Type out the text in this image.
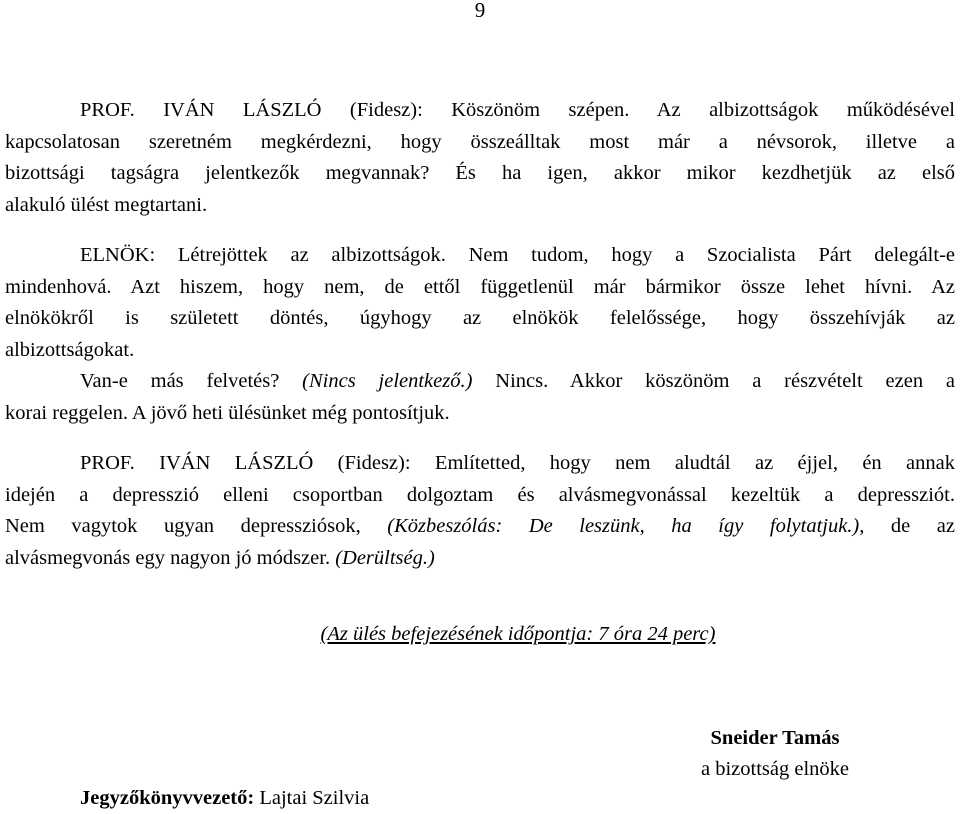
9
PROF. IVÁN LÁSZLÓ (Fidesz): Köszönöm szépen. Az albizottságok működésével
kapcsolatosan szeretném megkérdezni, hogy összeálltak most már a névsorok, illetve a
bizottsági tagságra jelentkezők megvannak? És ha igen, akkor mikor kezdhetjük az első
alakuló ülést megtartani.
ELNÖK: Létrejöttek az albizottságok. Nem tudom, hogy a Szocialista Párt delegált-e
mindenhová. Azt hiszem, hogy nem, de ettől függetlenül már bármikor össze lehet hívni. Az
elnökökről is született döntés, úgyhogy az elnökök felelőssége, hogy összehívják az
albizottságokat.
Van-e más felvetés? (Nincs jelentkező.) Nincs. Akkor köszönöm a részvételt ezen a
korai reggelen. A jövő heti ülésünket még pontosítjuk.
PROF. IVÁN LÁSZLÓ (Fidesz): Említetted, hogy nem aludtál az éjjel, én annak
idején a depresszió elleni csoportban dolgoztam és alvásmegvonással kezeltük a depressziót.
Nem vagytok ugyan depressziósok, (Közbeszólás: De leszünk, ha így folytatjuk.), de az
alvásmegvonás egy nagyon jó módszer. (Derültség.)
(Az ülés befejezésének időpontja: 7 óra 24 perc)
Sneider Tamás
a bizottság elnöke
Jegyzőkönyvvezető: Lajtai Szilvia
